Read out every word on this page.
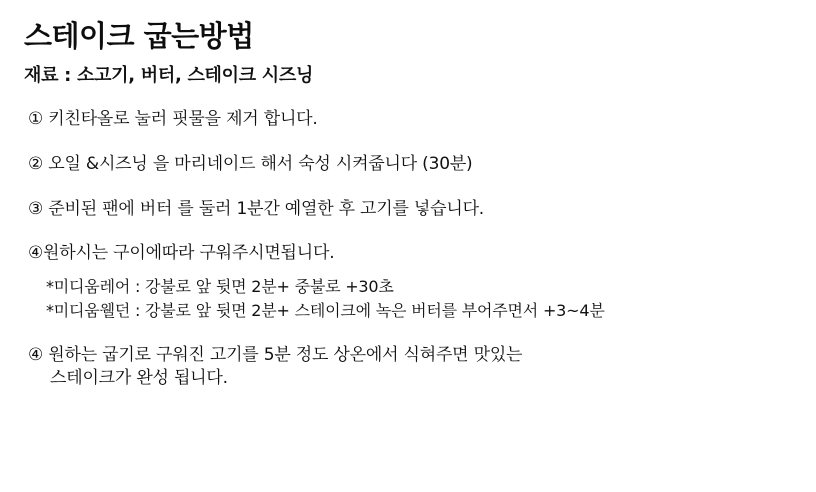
스테이크 굽는방법
재료 : 소고기, 버터, 스테이크 시즈닝
① 키친타올로 눌러 핏물을 제거 합니다.
② 오일 &시즈닝 을 마리네이드 해서 숙성 시켜줍니다 (30분)
③ 준비된 팬에 버터 를 둘러 1분간 예열한 후 고기를 넣습니다.
④원하시는 구이에따라 구워주시면됩니다.
*미디움레어 : 강불로 앞 뒷면 2분+ 중불로 +30초
*미디움웰던 : 강불로 앞 뒷면 2분+ 스테이크에 녹은 버터를 부어주면서 +3~4분
④ 원하는 굽기로 구워진 고기를 5분 정도 상온에서 식혀주면 맛있는
스테이크가 완성 됩니다.
